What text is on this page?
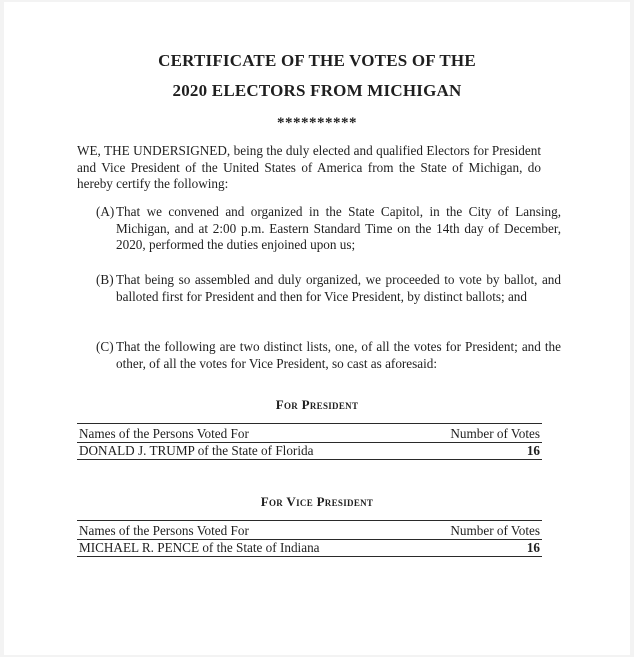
CERTIFICATE OF THE VOTES OF THE
2020 ELECTORS FROM MICHIGAN
**********
WE, THE UNDERSIGNED, being the duly elected and qualified Electors for President and Vice President of the United States of America from the State of Michigan, do hereby certify the following:
(A) That we convened and organized in the State Capitol, in the City of Lansing, Michigan, and at 2:00 p.m. Eastern Standard Time on the 14th day of December, 2020, performed the duties enjoined upon us;
(B) That being so assembled and duly organized, we proceeded to vote by ballot, and balloted first for President and then for Vice President, by distinct ballots; and
(C) That the following are two distinct lists, one, of all the votes for President; and the other, of all the votes for Vice President, so cast as aforesaid:
For President
Names of the Persons Voted For	Number of Votes
DONALD J. TRUMP of the State of Florida	16
For Vice President
Names of the Persons Voted For	Number of Votes
MICHAEL R. PENCE of the State of Indiana	16
